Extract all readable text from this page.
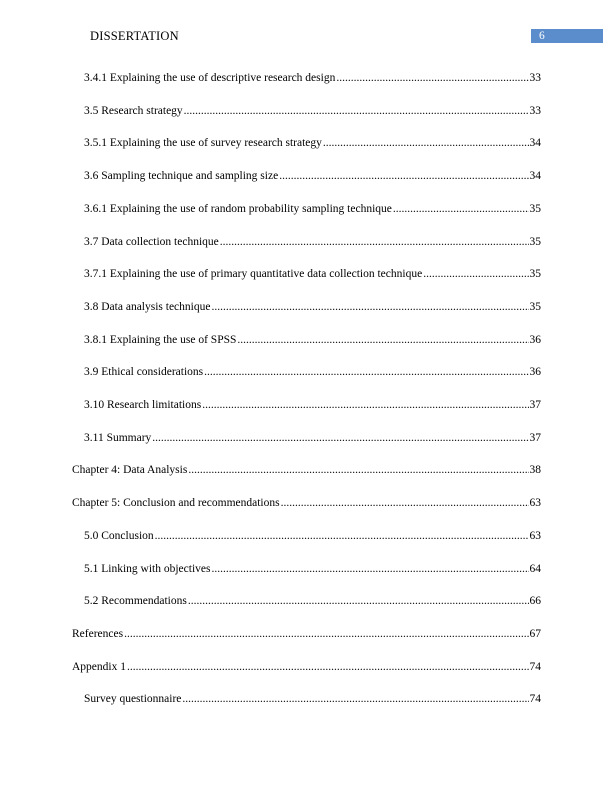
DISSERTATION	6
3.4.1 Explaining the use of descriptive research design .....	33
3.5 Research strategy .....	33
3.5.1 Explaining the use of survey research strategy .....	34
3.6 Sampling technique and sampling size .....	34
3.6.1 Explaining the use of random probability sampling technique .....	35
3.7 Data collection technique .....	35
3.7.1 Explaining the use of primary quantitative data collection technique .....	35
3.8 Data analysis technique .....	35
3.8.1 Explaining the use of SPSS .....	36
3.9 Ethical considerations .....	36
3.10 Research limitations .....	37
3.11 Summary .....	37
Chapter 4: Data Analysis .....	38
Chapter 5: Conclusion and recommendations .....	63
5.0 Conclusion .....	63
5.1 Linking with objectives .....	64
5.2 Recommendations .....	66
References .....	67
Appendix 1 .....	74
Survey questionnaire .....	74
